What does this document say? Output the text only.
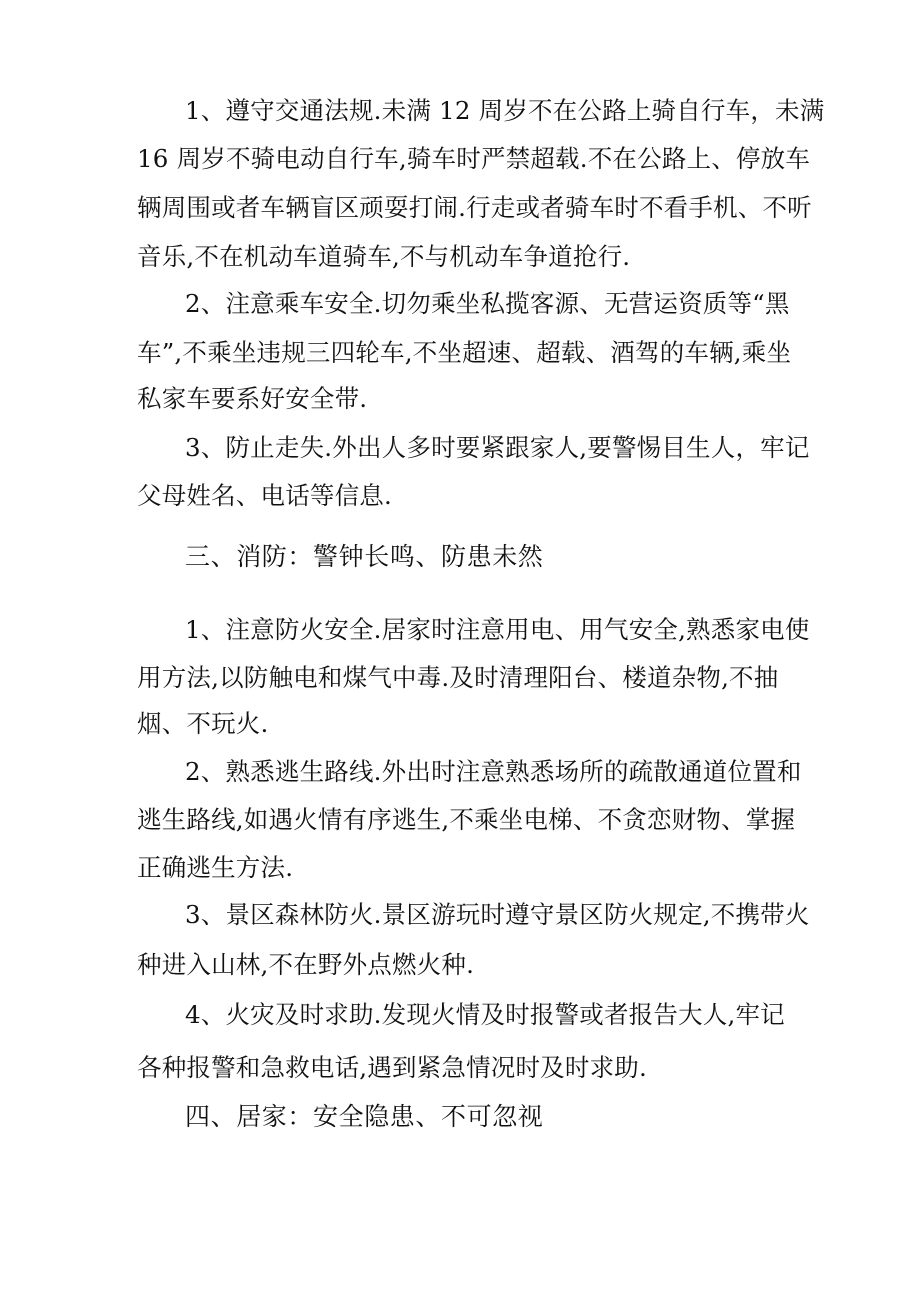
1、遵守交通法规.未满 12 周岁不在公路上骑自行车，未满
16 周岁不骑电动自行车,骑车时严禁超载.不在公路上、停放车
辆周围或者车辆盲区顽耍打闹.行走或者骑车时不看手机、不听
音乐,不在机动车道骑车,不与机动车争道抢行.
2、注意乘车安全.切勿乘坐私揽客源、无营运资质等“黑
车”,不乘坐违规三四轮车,不坐超速、超载、酒驾的车辆,乘坐
私家车要系好安全带.
3、防止走失.外出人多时要紧跟家人,要警惕目生人，牢记
父母姓名、电话等信息.
三、消防：警钟长鸣、防患未然
1、注意防火安全.居家时注意用电、用气安全,熟悉家电使
用方法,以防触电和煤气中毒.及时清理阳台、楼道杂物,不抽
烟、不玩火.
2、熟悉逃生路线.外出时注意熟悉场所的疏散通道位置和
逃生路线,如遇火情有序逃生,不乘坐电梯、不贪恋财物、掌握
正确逃生方法.
3、景区森林防火.景区游玩时遵守景区防火规定,不携带火
种进入山林,不在野外点燃火种.
4、火灾及时求助.发现火情及时报警或者报告大人,牢记
各种报警和急救电话,遇到紧急情况时及时求助.
四、居家：安全隐患、不可忽视
